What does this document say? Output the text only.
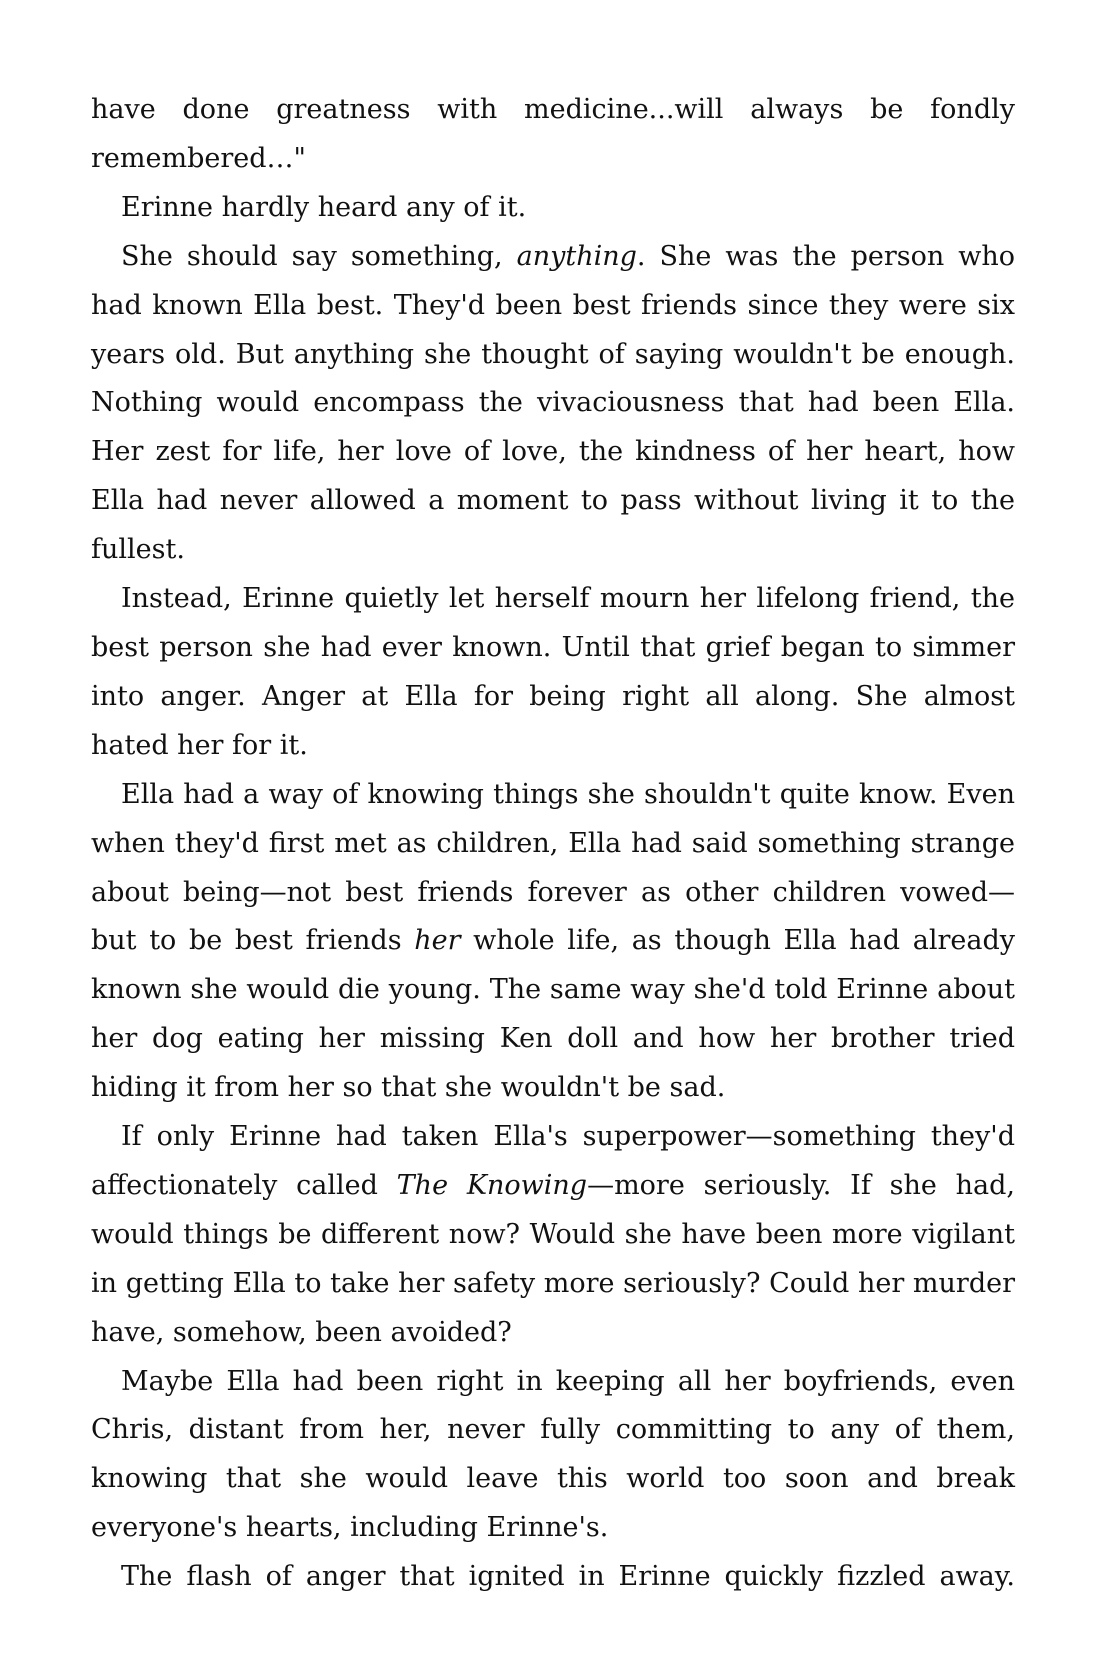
have done greatness with medicine...will always be fondly remembered…"

Erinne hardly heard any of it.

She should say something, anything. She was the person who had known Ella best. They'd been best friends since they were six years old. But anything she thought of saying wouldn't be enough. Nothing would encompass the vivaciousness that had been Ella. Her zest for life, her love of love, the kindness of her heart, how Ella had never allowed a moment to pass without living it to the fullest.

Instead, Erinne quietly let herself mourn her lifelong friend, the best person she had ever known. Until that grief began to simmer into anger. Anger at Ella for being right all along. She almost hated her for it.

Ella had a way of knowing things she shouldn't quite know. Even when they'd first met as children, Ella had said something strange about being—not best friends forever as other children vowed—but to be best friends her whole life, as though Ella had already known she would die young. The same way she'd told Erinne about her dog eating her missing Ken doll and how her brother tried hiding it from her so that she wouldn't be sad.

If only Erinne had taken Ella's superpower—something they'd affectionately called The Knowing—more seriously. If she had, would things be different now? Would she have been more vigilant in getting Ella to take her safety more seriously? Could her murder have, somehow, been avoided?

Maybe Ella had been right in keeping all her boyfriends, even Chris, distant from her, never fully committing to any of them, knowing that she would leave this world too soon and break everyone's hearts, including Erinne's.

The flash of anger that ignited in Erinne quickly fizzled away.
